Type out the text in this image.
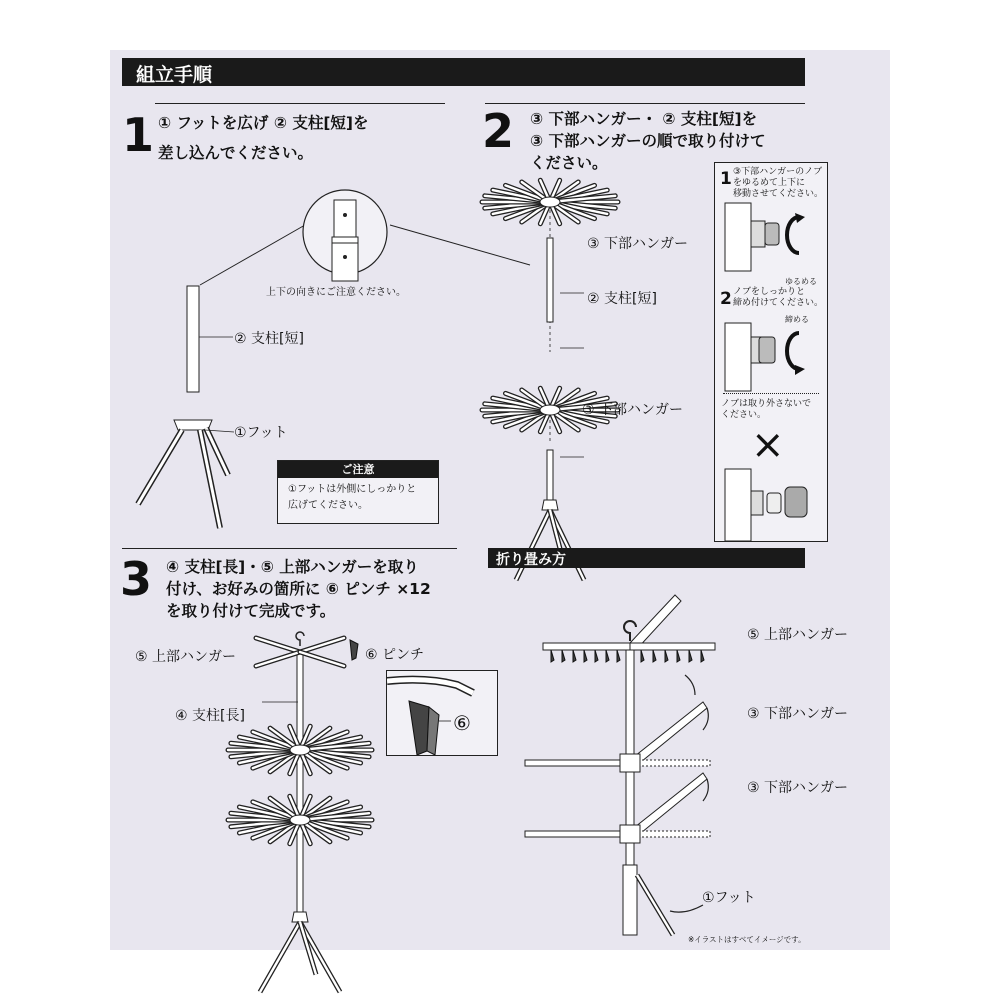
組立手順
1 ① フットを広げ ② 支柱[短]を
差し込んでください。
上下の向きにご注意ください。
② 支柱[短]
①フット
ご注意
①フットは外側にしっかりと
広げてください。
2 ③ 下部ハンガー・ ② 支柱[短]を
③ 下部ハンガーの順で取り付けて
ください。
③ 下部ハンガー
② 支柱[短]
③ 下部ハンガー
1 ③下部ハンガーのノブ
をゆるめて上下に
移動させてください。
ゆるめる
2 ノブをしっかりと
締め付けてください。
締める
ノブは取り外さないで
ください。
×
3 ④ 支柱[長]・⑤ 上部ハンガーを取り
付け、お好みの箇所に ⑥ ピンチ ×12
を取り付けて完成です。
⑤ 上部ハンガー	⑥ ピンチ
④ 支柱[長]	⑥
折り畳み方
⑤ 上部ハンガー
③ 下部ハンガー
③ 下部ハンガー
①フット
※イラストはすべてイメージです。
